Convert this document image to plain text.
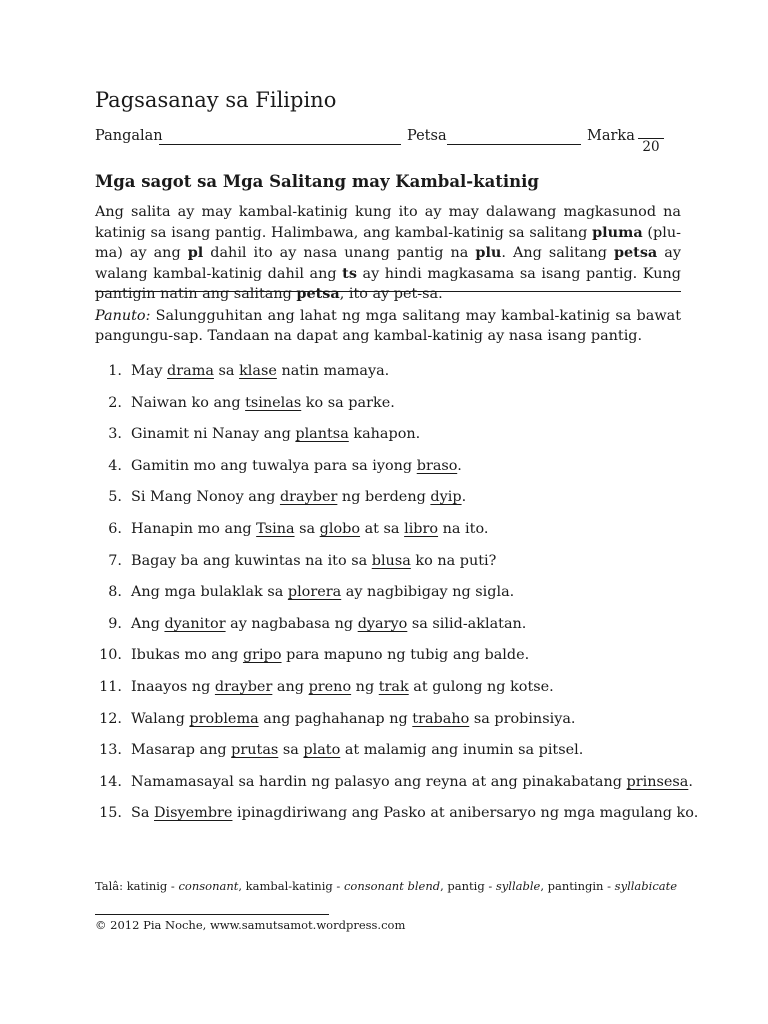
Pagsasanay sa Filipino
Pangalan	Petsa	Marka
20
Mga sagot sa Mga Salitang may Kambal-katinig

Ang salita ay may kambal-katinig kung ito ay may dalawang magkasunod na katinig sa isang pantig. Halimbawa, ang kambal-katinig sa salitang pluma (plu-ma) ay ang pl dahil ito ay nasa unang pantig na plu. Ang salitang petsa ay walang kambal-katinig dahil ang ts ay hindi magkasama sa isang pantig. Kung pantigin natin ang salitang petsa, ito ay pet-sa.

Panuto: Salungguhitan ang lahat ng mga salitang may kambal-katinig sa bawat pangungu-sap. Tandaan na dapat ang kambal-katinig ay nasa isang pantig.

1. May drama sa klase natin mamaya.
2. Naiwan ko ang tsinelas ko sa parke.
3. Ginamit ni Nanay ang plantsa kahapon.
4. Gamitin mo ang tuwalya para sa iyong braso.
5. Si Mang Nonoy ang drayber ng berdeng dyip.
6. Hanapin mo ang Tsina sa globo at sa libro na ito.
7. Bagay ba ang kuwintas na ito sa blusa ko na puti?
8. Ang mga bulaklak sa plorera ay nagbibigay ng sigla.
9. Ang dyanitor ay nagbabasa ng dyaryo sa silid-aklatan.
10. Ibukas mo ang gripo para mapuno ng tubig ang balde.
11. Inaayos ng drayber ang preno ng trak at gulong ng kotse.
12. Walang problema ang paghahanap ng trabaho sa probinsiya.
13. Masarap ang prutas sa plato at malamig ang inumin sa pitsel.
14. Namamasayal sa hardin ng palasyo ang reyna at ang pinakabatang prinsesa.
15. Sa Disyembre ipinagdiriwang ang Pasko at anibersaryo ng mga magulang ko.
Talâ: katinig - consonant, kambal-katinig - consonant blend, pantig - syllable, pantingin - syllabicate
© 2012 Pia Noche, www.samutsamot.wordpress.com
